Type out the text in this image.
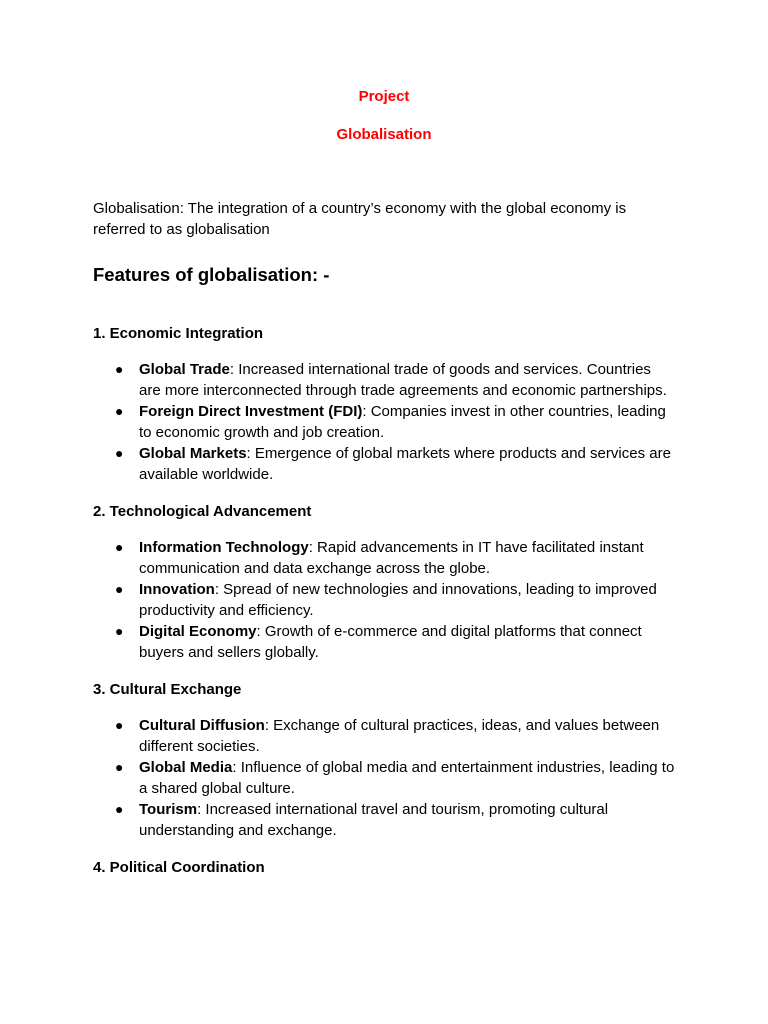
Project

Globalisation

Globalisation: The integration of a country’s economy with the global economy is referred to as globalisation

Features of globalisation: -

1. Economic Integration

● Global Trade: Increased international trade of goods and services. Countries are more interconnected through trade agreements and economic partnerships.
● Foreign Direct Investment (FDI): Companies invest in other countries, leading to economic growth and job creation.
● Global Markets: Emergence of global markets where products and services are available worldwide.

2. Technological Advancement

● Information Technology: Rapid advancements in IT have facilitated instant communication and data exchange across the globe.
● Innovation: Spread of new technologies and innovations, leading to improved productivity and efficiency.
● Digital Economy: Growth of e-commerce and digital platforms that connect buyers and sellers globally.

3. Cultural Exchange

● Cultural Diffusion: Exchange of cultural practices, ideas, and values between different societies.
● Global Media: Influence of global media and entertainment industries, leading to a shared global culture.
● Tourism: Increased international travel and tourism, promoting cultural understanding and exchange.

4. Political Coordination
